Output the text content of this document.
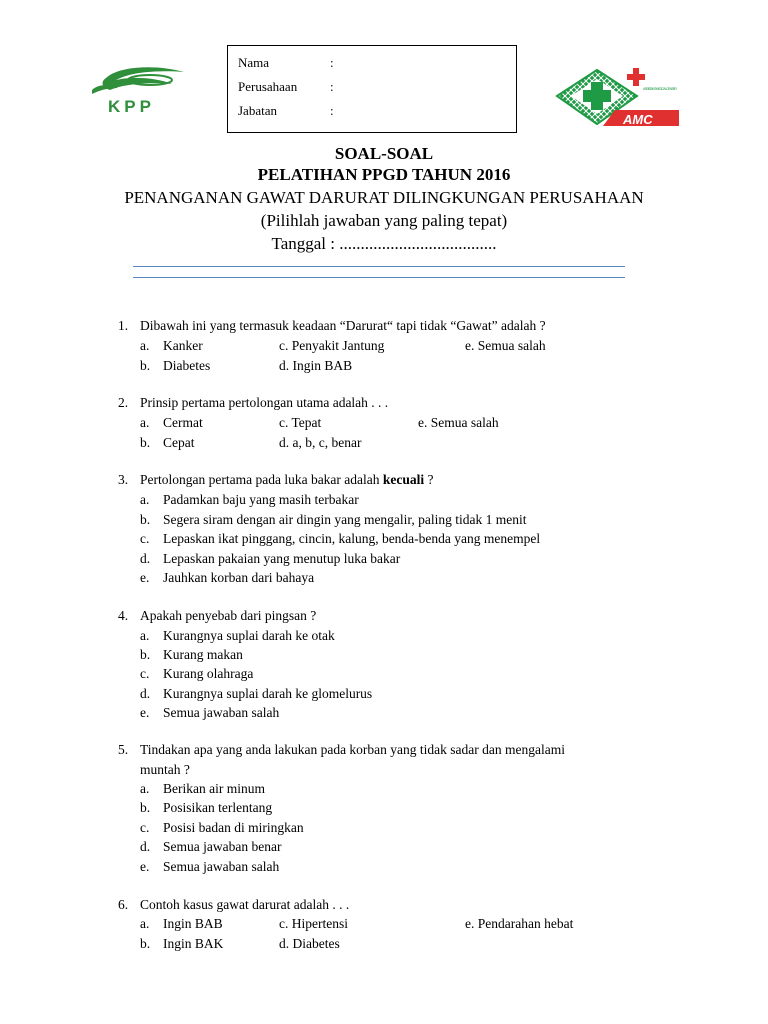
KPP
Nama	:
Perusahaan	:
Jabatan	:
AMC
ASSISTANT MEDICAL CENTER
SOAL-SOAL
PELATIHAN PPGD TAHUN 2016
PENANGANAN GAWAT DARURAT DILINGKUNGAN PERUSAHAAN
(Pilihlah jawaban yang paling tepat)
Tanggal : .....................................
1. Dibawah ini yang termasuk keadaan “Darurat“ tapi tidak “Gawat” adalah ?
a. Kanker	c. Penyakit Jantung	e. Semua salah
b. Diabetes	d. Ingin BAB
2. Prinsip pertama pertolongan utama adalah . . .
a. Cermat	c. Tepat	e. Semua salah
b. Cepat	d. a, b, c, benar
3. Pertolongan pertama pada luka bakar adalah kecuali ?
a. Padamkan baju yang masih terbakar
b. Segera siram dengan air dingin yang mengalir, paling tidak 1 menit
c. Lepaskan ikat pinggang, cincin, kalung, benda-benda yang menempel
d. Lepaskan pakaian yang menutup luka bakar
e. Jauhkan korban dari bahaya
4. Apakah penyebab dari pingsan ?
a. Kurangnya suplai darah ke otak
b. Kurang makan
c. Kurang olahraga
d. Kurangnya suplai darah ke glomelurus
e. Semua jawaban salah
5. Tindakan apa yang anda lakukan pada korban yang tidak sadar dan mengalami
muntah ?
a. Berikan air minum
b. Posisikan terlentang
c. Posisi badan di miringkan
d. Semua jawaban benar
e. Semua jawaban salah
6. Contoh kasus gawat darurat adalah . . .
a. Ingin BAB	c. Hipertensi	e. Pendarahan hebat
b. Ingin BAK	d. Diabetes
